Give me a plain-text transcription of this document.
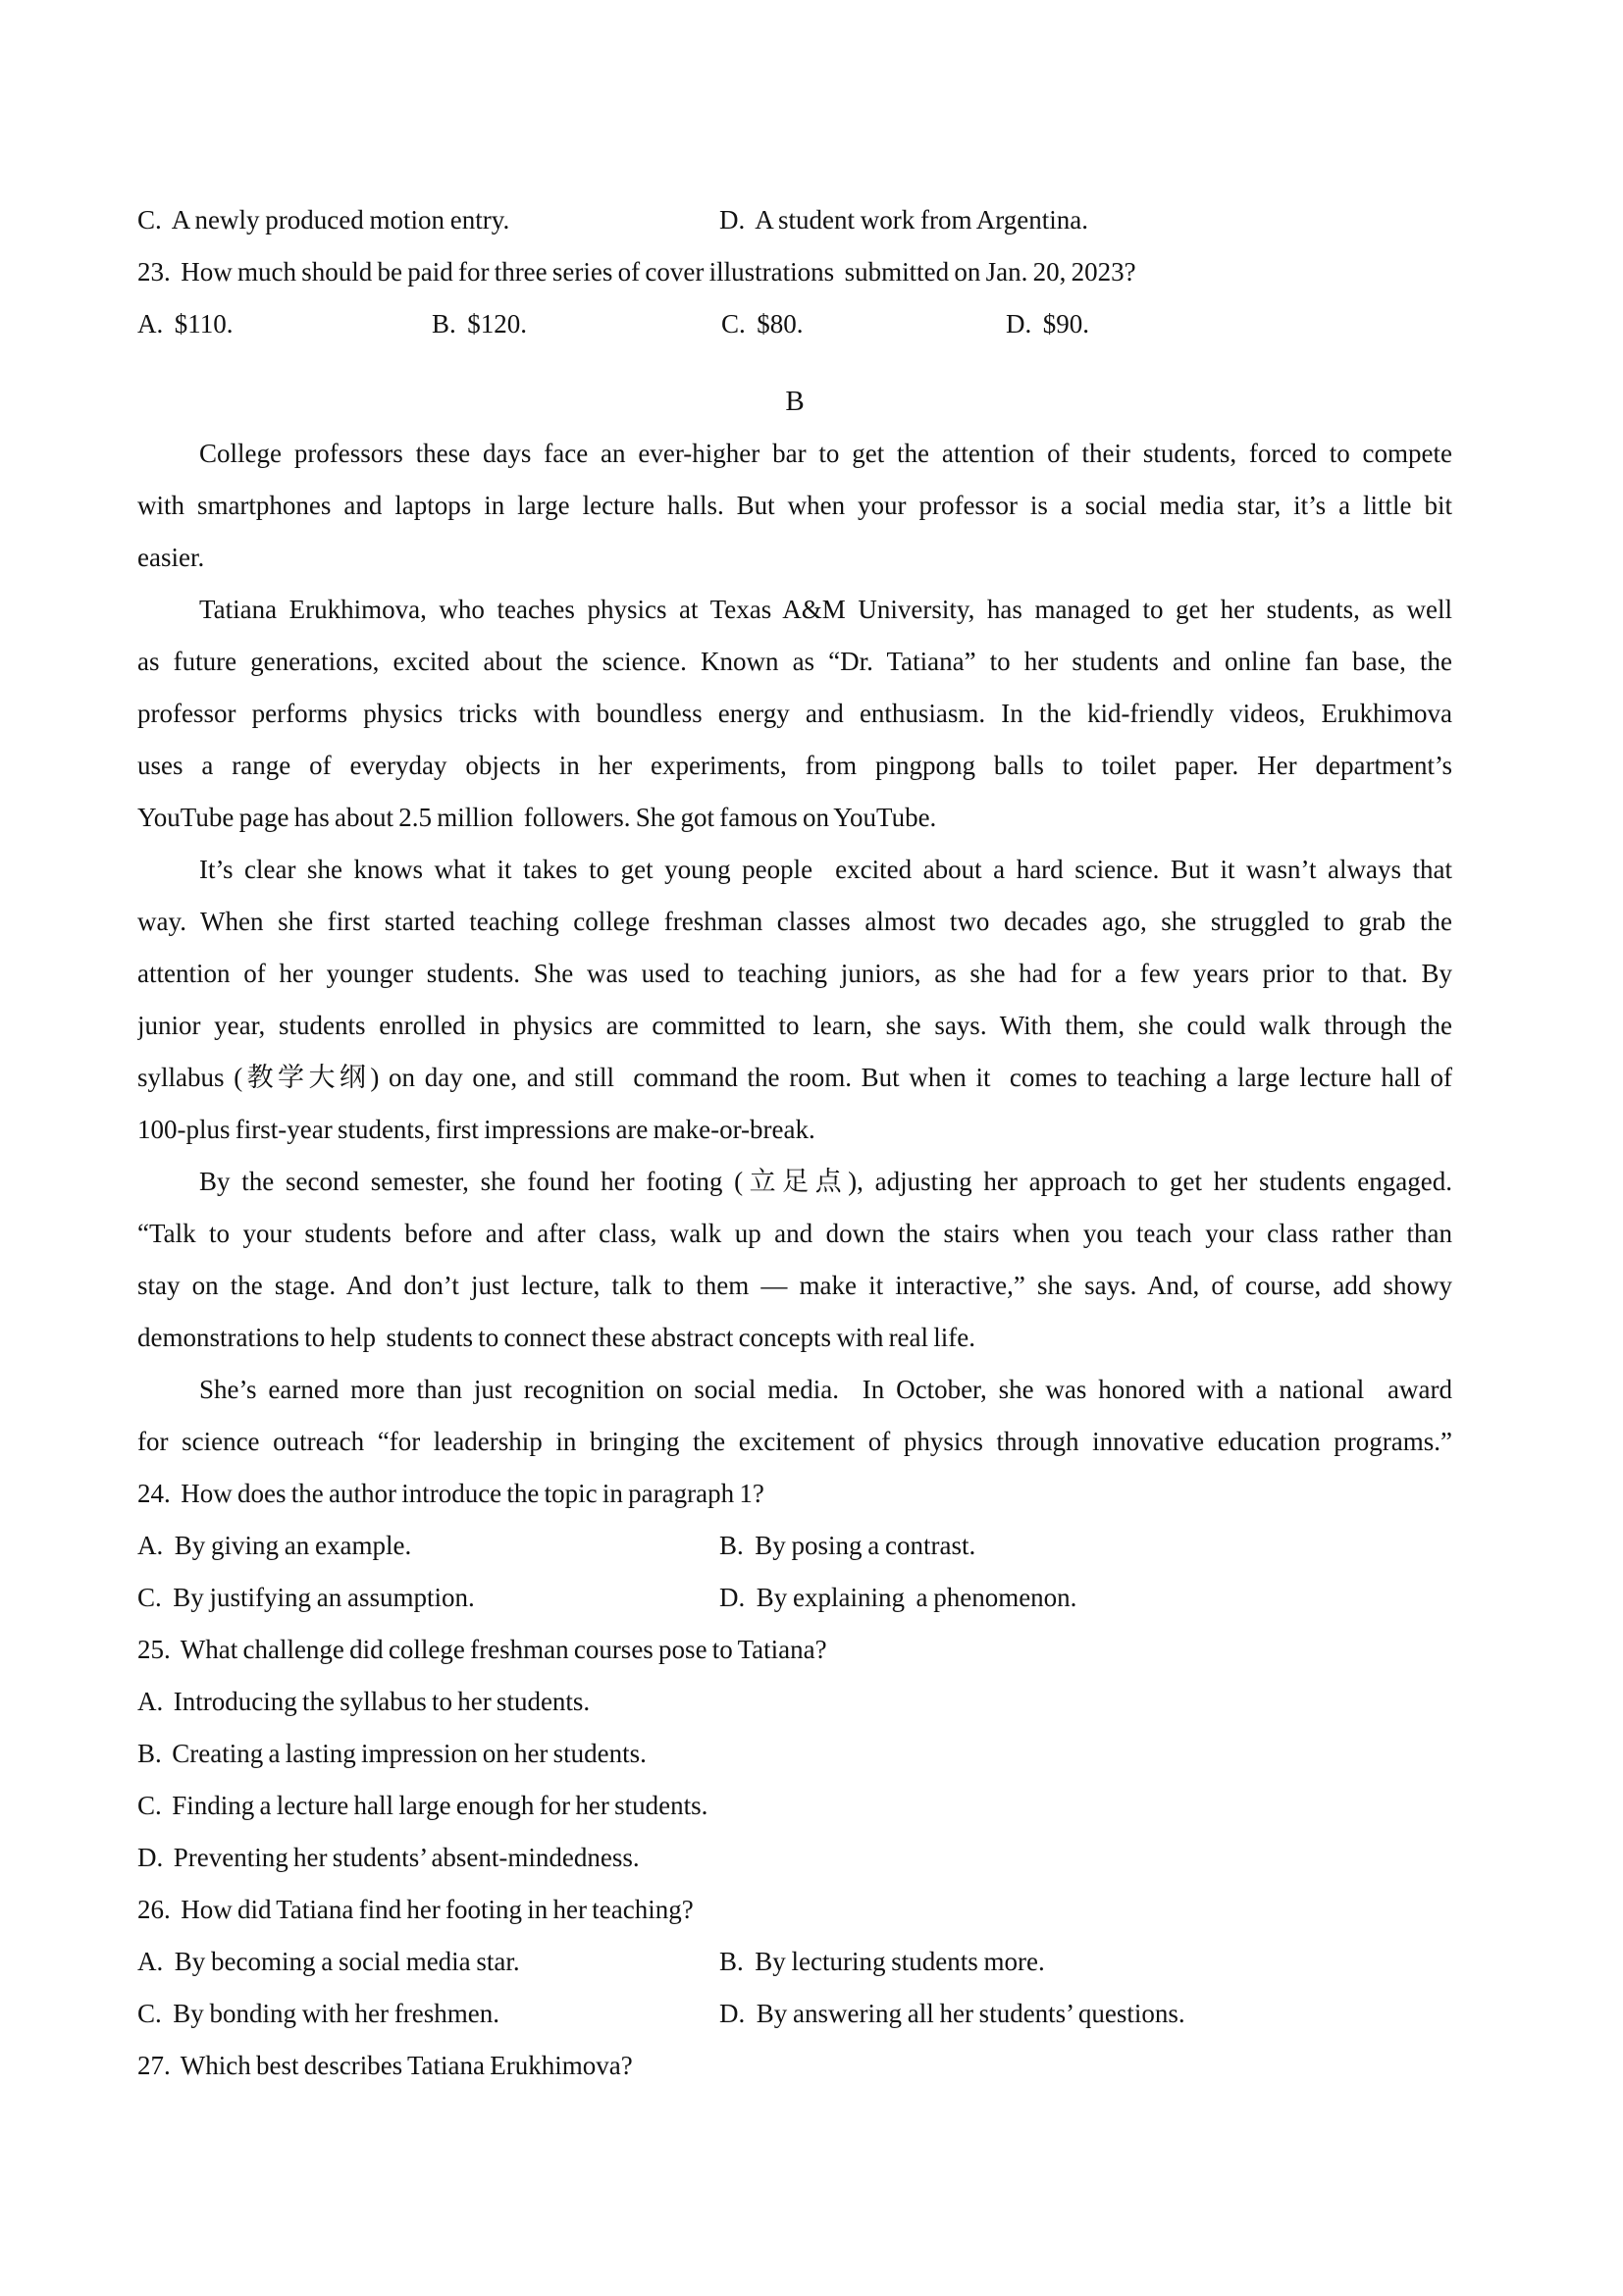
C.  A newly produced motion entry.	D.  A student work from Argentina.
23.  How much should be paid for three series of cover illustrations  submitted on Jan. 20, 2023?
A.  $110.	B.  $120.	C.  $80.	D.  $90.
B
College professors these days face an ever-higher bar to get the attention of their students, forced to compete
with smartphones and laptops in large lecture halls. But when your professor is a social media star, it’s a little bit
easier.
Tatiana Erukhimova, who teaches physics at Texas A&M University, has managed to get her students, as well
as future generations, excited about the science. Known as “Dr. Tatiana” to her students and online fan base, the
professor performs physics tricks with boundless energy and enthusiasm. In the kid-friendly videos, Erukhimova
uses a range of everyday objects in her experiments, from pingpong balls to toilet paper. Her department’s
YouTube page has about 2.5 million  followers. She got famous on YouTube.
It’s clear she knows what it takes to get young people  excited about a hard science. But it wasn’t always that
way. When she first started teaching college freshman classes almost two decades ago, she struggled to grab the
attention of her younger students. She was used to teaching juniors, as she had for a few years prior to that. By
junior year, students enrolled in physics are committed to learn, she says. With them, she could walk through the
syllabus (教学大纲) on day one, and still  command the room. But when it  comes to teaching a large lecture hall of
100-plus first-year students, first impressions are make-or-break.
By the second semester, she found her footing (立足点), adjusting her approach to get her students engaged.
“Talk to your students before and after class, walk up and down the stairs when you teach your class rather than
stay on the stage. And don’t just lecture, talk to them — make it interactive,” she says. And, of course, add showy
demonstrations to help  students to connect these abstract concepts with real life.
She’s earned more than just recognition on social media.  In October, she was honored with a national  award
for science outreach “for leadership in bringing the excitement of physics through innovative education programs.”
24.  How does the author introduce the topic in paragraph 1?
A.  By giving an example.	B.  By posing a contrast.
C.  By justifying an assumption.	D.  By explaining  a phenomenon.
25.  What challenge did college freshman courses pose to Tatiana?
A.  Introducing the syllabus to her students.
B.  Creating a lasting impression on her students.
C.  Finding a lecture hall large enough for her students.
D.  Preventing her students’ absent-mindedness.
26.  How did Tatiana find her footing in her teaching?
A.  By becoming a social media star.	B.  By lecturing students more.
C.  By bonding with her freshmen.	D.  By answering all her students’ questions.
27.  Which best describes Tatiana Erukhimova?
